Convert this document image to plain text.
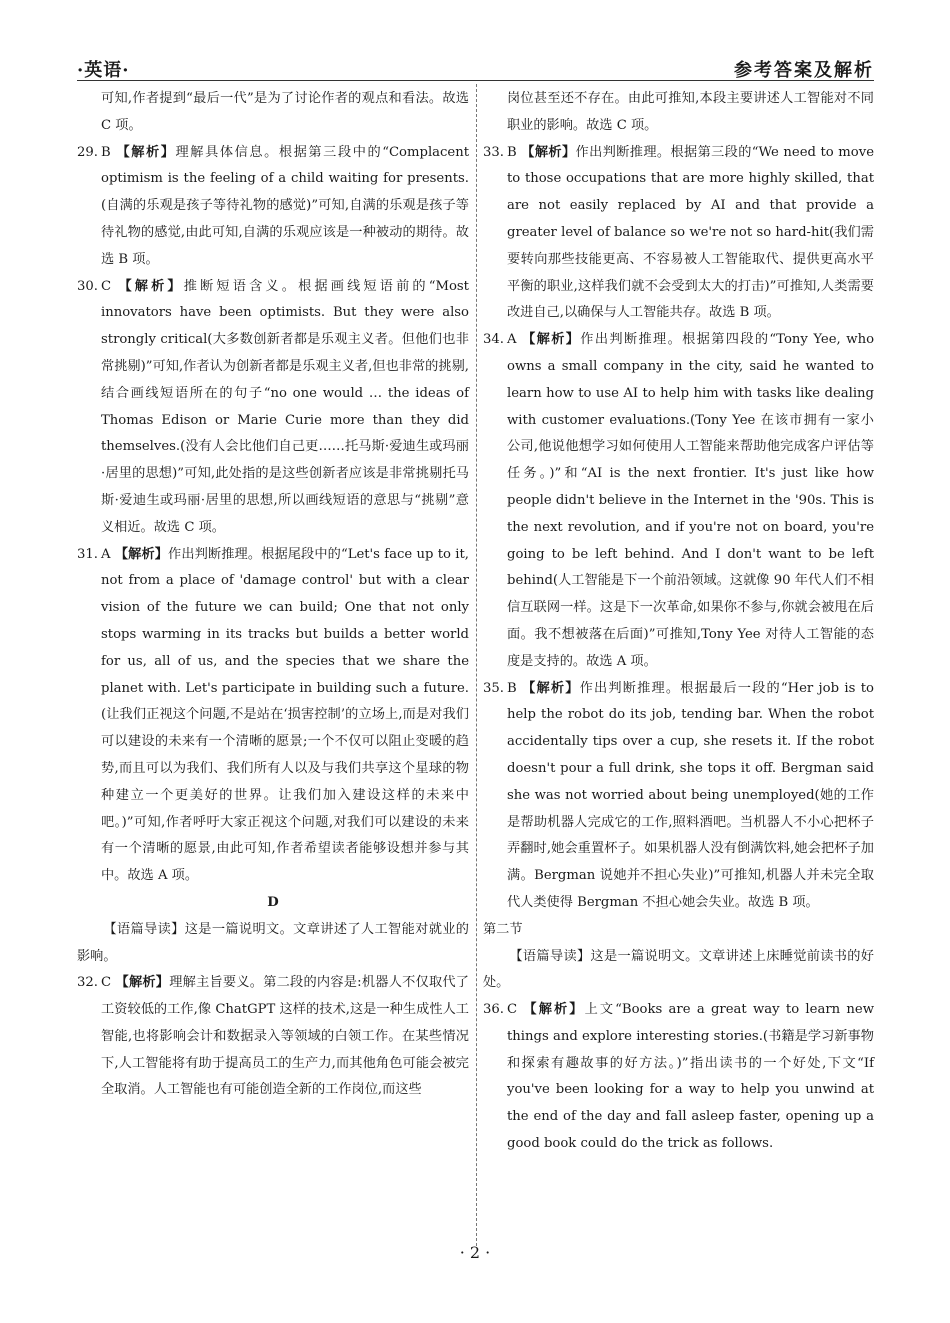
·英语·	参考答案及解析

可知,作者提到“最后一代”是为了讨论作者的观点和看法。故选 C 项。

29. B 【解析】理解具体信息。根据第三段中的“Complacent optimism is the feeling of a child waiting for presents.(自满的乐观是孩子等待礼物的感觉)”可知,自满的乐观是孩子等待礼物的感觉,由此可知,自满的乐观应该是一种被动的期待。故选 B 项。

30. C 【解析】推断短语含义。根据画线短语前的“Most innovators have been optimists. But they were also strongly critical(大多数创新者都是乐观主义者。但他们也非常挑剔)”可知,作者认为创新者都是乐观主义者,但也非常的挑剔,结合画线短语所在的句子“no one would … the ideas of Thomas Edison or Marie Curie more than they did themselves.(没有人会比他们自己更……托马斯·爱迪生或玛丽·居里的思想)”可知,此处指的是这些创新者应该是非常挑剔托马斯·爱迪生或玛丽·居里的思想,所以画线短语的意思与“挑剔”意义相近。故选 C 项。

31. A 【解析】作出判断推理。根据尾段中的“Let's face up to it, not from a place of 'damage control' but with a clear vision of the future we can build; One that not only stops warming in its tracks but builds a better world for us, all of us, and the species that we share the planet with. Let's participate in building such a future.(让我们正视这个问题,不是站在‘损害控制’的立场上,而是对我们可以建设的未来有一个清晰的愿景;一个不仅可以阻止变暖的趋势,而且可以为我们、我们所有人以及与我们共享这个星球的物种建立一个更美好的世界。让我们加入建设这样的未来中吧。)”可知,作者呼吁大家正视这个问题,对我们可以建设的未来有一个清晰的愿景,由此可知,作者希望读者能够设想并参与其中。故选 A 项。

D

【语篇导读】这是一篇说明文。文章讲述了人工智能对就业的影响。

32. C 【解析】理解主旨要义。第二段的内容是:机器人不仅取代了工资较低的工作,像 ChatGPT 这样的技术,这是一种生成性人工智能,也将影响会计和数据录入等领域的白领工作。在某些情况下,人工智能将有助于提高员工的生产力,而其他角色可能会被完全取消。人工智能也有可能创造全新的工作岗位,而这些

岗位甚至还不存在。由此可推知,本段主要讲述人工智能对不同职业的影响。故选 C 项。

33. B 【解析】作出判断推理。根据第三段的“We need to move to those occupations that are more highly skilled, that are not easily replaced by AI and that provide a greater level of balance so we're not so hard-hit(我们需要转向那些技能更高、不容易被人工智能取代、提供更高水平平衡的职业,这样我们就不会受到太大的打击)”可推知,人类需要改进自己,以确保与人工智能共存。故选 B 项。

34. A 【解析】作出判断推理。根据第四段的“Tony Yee, who owns a small company in the city, said he wanted to learn how to use AI to help him with tasks like dealing with customer evaluations.(Tony Yee 在该市拥有一家小公司,他说他想学习如何使用人工智能来帮助他完成客户评估等任务。)”和“AI is the next frontier. It's just like how people didn't believe in the Internet in the '90s. This is the next revolution, and if you're not on board, you're going to be left behind. And I don't want to be left behind(人工智能是下一个前沿领域。这就像 90 年代人们不相信互联网一样。这是下一次革命,如果你不参与,你就会被甩在后面。我不想被落在后面)”可推知,Tony Yee 对待人工智能的态度是支持的。故选 A 项。

35. B 【解析】作出判断推理。根据最后一段的“Her job is to help the robot do its job, tending bar. When the robot accidentally tips over a cup, she resets it. If the robot doesn't pour a full drink, she tops it off. Bergman said she was not worried about being unemployed(她的工作是帮助机器人完成它的工作,照料酒吧。当机器人不小心把杯子弄翻时,她会重置杯子。如果机器人没有倒满饮料,她会把杯子加满。Bergman 说她并不担心失业)”可推知,机器人并未完全取代人类使得 Bergman 不担心她会失业。故选 B 项。

第二节

【语篇导读】这是一篇说明文。文章讲述上床睡觉前读书的好处。

36. C 【解析】上文“Books are a great way to learn new things and explore interesting stories.(书籍是学习新事物和探索有趣故事的好方法。)”指出读书的一个好处,下文“If you've been looking for a way to help you unwind at the end of the day and fall asleep faster, opening up a good book could do the trick as follows.

· 2 ·
